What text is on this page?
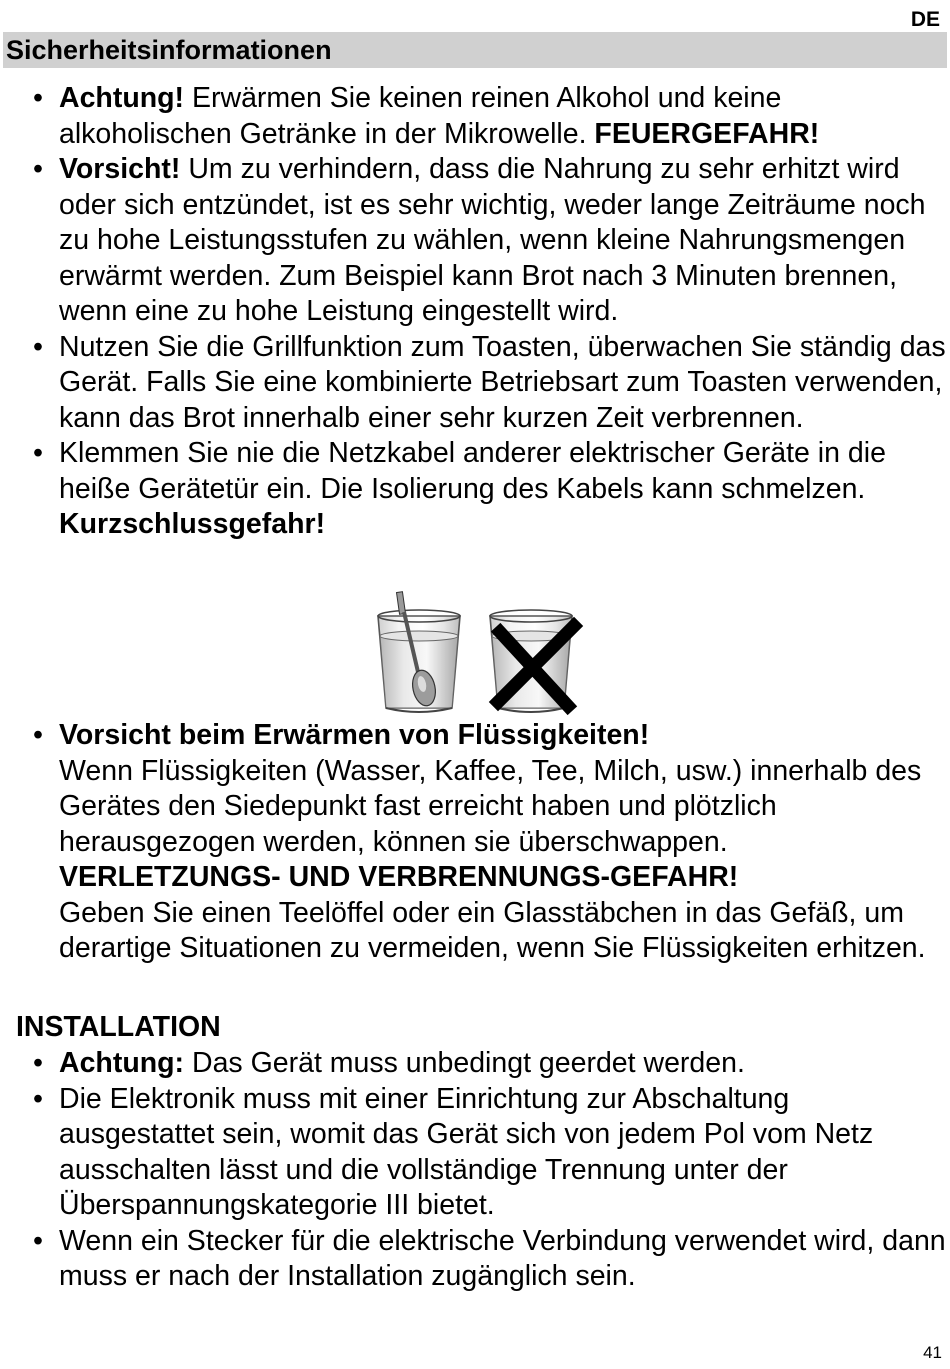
DE
Sicherheitsinformationen
• Achtung! Erwärmen Sie keinen reinen Alkohol und keine alkoholischen Getränke in der Mikrowelle. FEUERGEFAHR!
• Vorsicht! Um zu verhindern, dass die Nahrung zu sehr erhitzt wird oder sich entzündet, ist es sehr wichtig, weder lange Zeiträume noch zu hohe Leistungsstufen zu wählen, wenn kleine Nahrungsmengen erwärmt werden. Zum Beispiel kann Brot nach 3 Minuten brennen, wenn eine zu hohe Leistung eingestellt wird.
• Nutzen Sie die Grillfunktion zum Toasten, überwachen Sie ständig das Gerät. Falls Sie eine kombinierte Betriebsart zum Toasten verwenden, kann das Brot innerhalb einer sehr kurzen Zeit verbrennen.
• Klemmen Sie nie die Netzkabel anderer elektrischer Geräte in die heiße Gerätetür ein. Die Isolierung des Kabels kann schmelzen. Kurzschlussgefahr!
• Vorsicht beim Erwärmen von Flüssigkeiten!
Wenn Flüssigkeiten (Wasser, Kaffee, Tee, Milch, usw.) innerhalb des Gerätes den Siedepunkt fast erreicht haben und plötzlich herausgezogen werden, können sie überschwappen.
VERLETZUNGS- UND VERBRENNUNGS-GEFAHR!
Geben Sie einen Teelöffel oder ein Glasstäbchen in das Gefäß, um derartige Situationen zu vermeiden, wenn Sie Flüssigkeiten erhitzen.
INSTALLATION
• Achtung: Das Gerät muss unbedingt geerdet werden.
• Die Elektronik muss mit einer Einrichtung zur Abschaltung ausgestattet sein, womit das Gerät sich von jedem Pol vom Netz ausschalten lässt und die vollständige Trennung unter der Überspannungskategorie III bietet.
• Wenn ein Stecker für die elektrische Verbindung verwendet wird, dann muss er nach der Installation zugänglich sein.
41
